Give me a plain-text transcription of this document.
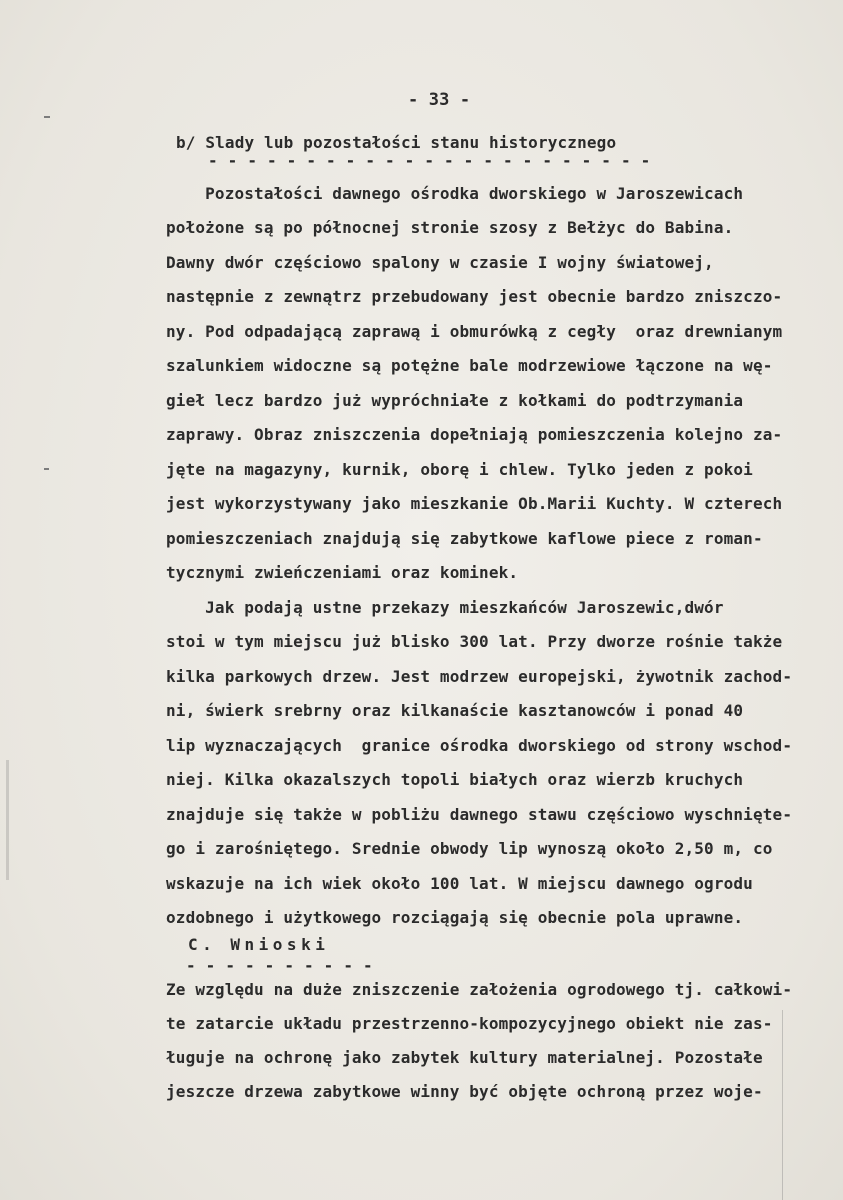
- 33 -

b/ Slady lub pozostałości stanu historycznego

- - - - - - - - - - - - - - - - - - - - - - -

Pozostałości dawnego ośrodka dworskiego w Jaroszewicach

położone są po północnej stronie szosy z Bełżyc do Babina.

Dawny dwór częściowo spalony w czasie I wojny światowej,

następnie z zewnątrz przebudowany jest obecnie bardzo zniszczo-

ny. Pod odpadającą zaprawą i obmurówką z cegły  oraz drewnianym

szalunkiem widoczne są potężne bale modrzewiowe łączone na wę-

gieł lecz bardzo już wypróchniałe z kołkami do podtrzymania

zaprawy. Obraz zniszczenia dopełniają pomieszczenia kolejno za-

jęte na magazyny, kurnik, oborę i chlew. Tylko jeden z pokoi

jest wykorzystywany jako mieszkanie Ob.Marii Kuchty. W czterech

pomieszczeniach znajdują się zabytkowe kaflowe piece z roman-

tycznymi zwieńczeniami oraz kominek.

Jak podają ustne przekazy mieszkańców Jaroszewic,dwór

stoi w tym miejscu już blisko 300 lat. Przy dworze rośnie także

kilka parkowych drzew. Jest modrzew europejski, żywotnik zachod-

ni, świerk srebrny oraz kilkanaście kasztanowców i ponad 40

lip wyznaczających  granice ośrodka dworskiego od strony wschod-

niej. Kilka okazalszych topoli białych oraz wierzb kruchych

znajduje się także w pobliżu dawnego stawu częściowo wyschnięte-

go i zarośniętego. Srednie obwody lip wynoszą około 2,50 m, co

wskazuje na ich wiek około 100 lat. W miejscu dawnego ogrodu

ozdobnego i użytkowego rozciągają się obecnie pola uprawne.

C. Wnioski

- - - - - - - - - -

Ze względu na duże zniszczenie założenia ogrodowego tj. całkowi-

te zatarcie układu przestrzenno-kompozycyjnego obiekt nie zas-

ługuje na ochronę jako zabytek kultury materialnej. Pozostałe

jeszcze drzewa zabytkowe winny być objęte ochroną przez woje-
